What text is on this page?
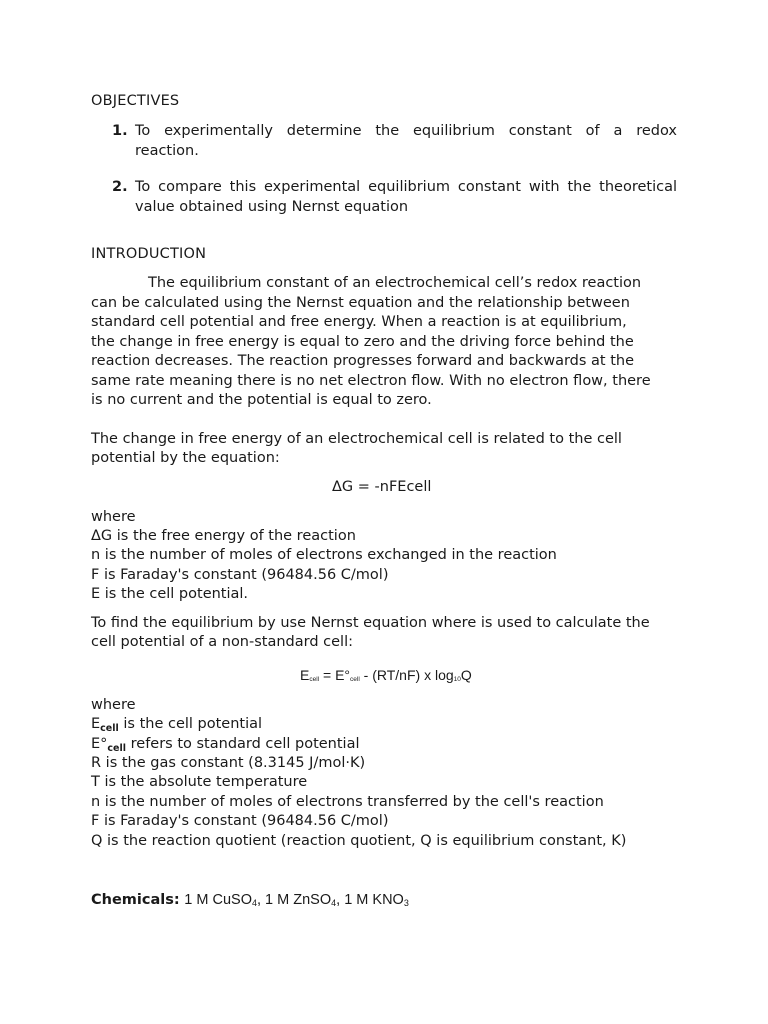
OBJECTIVES
1. To experimentally determine the equilibrium constant of a redox
reaction.
2. To compare this experimental equilibrium constant with the theoretical
value obtained using Nernst equation
INTRODUCTION
The equilibrium constant of an electrochemical cell’s redox reaction
can be calculated using the Nernst equation and the relationship between
standard cell potential and free energy. When a reaction is at equilibrium,
the change in free energy is equal to zero and the driving force behind the
reaction decreases. The reaction progresses forward and backwards at the
same rate meaning there is no net electron flow. With no electron flow, there
is no current and the potential is equal to zero.
The change in free energy of an electrochemical cell is related to the cell
potential by the equation:
ΔG = -nFEcell
where
ΔG is the free energy of the reaction
n is the number of moles of electrons exchanged in the reaction
F is Faraday's constant (96484.56 C/mol)
E is the cell potential.
To find the equilibrium by use Nernst equation where is used to calculate the
cell potential of a non-standard cell:
Ecell = E°cell - (RT/nF) x log10Q
where
$E_{cell}$ is the cell potential
$E^\circ_{cell}$ refers to standard cell potential
R is the gas constant (8.3145 J/mol·K)
T is the absolute temperature
n is the number of moles of electrons transferred by the cell's reaction
F is Faraday's constant (96484.56 C/mol)
Q is the reaction quotient (reaction quotient, Q is equilibrium constant, K)
Chemicals: 1 M CuSO$_4$, 1 M ZnSO$_4$, 1 M $KNO_3$
